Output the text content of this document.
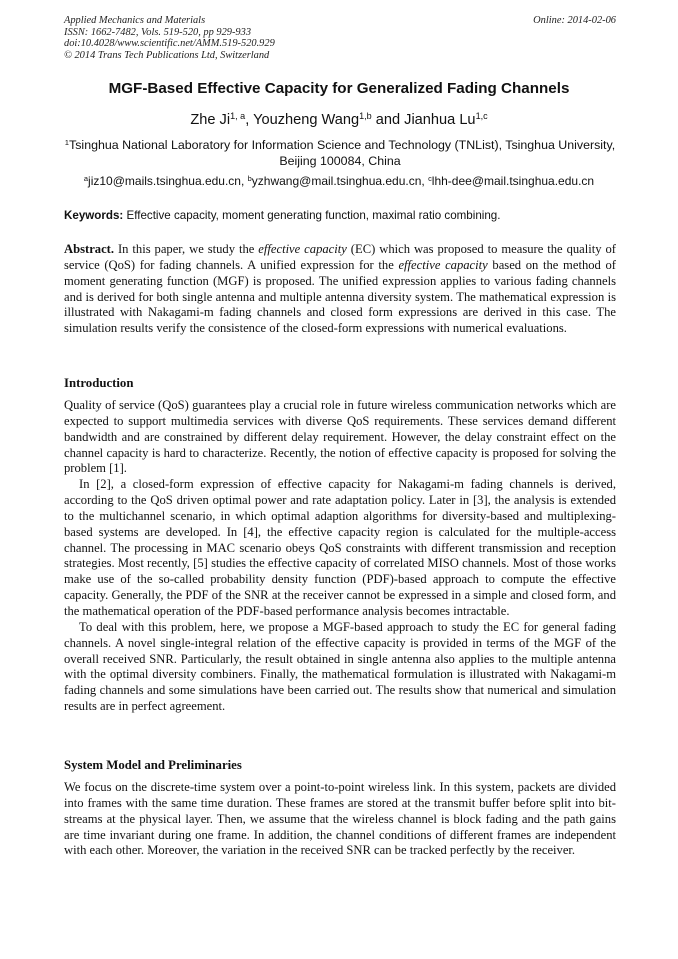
Applied Mechanics and Materials
ISSN: 1662-7482, Vols. 519-520, pp 929-933
doi:10.4028/www.scientific.net/AMM.519-520.929
© 2014 Trans Tech Publications Ltd, Switzerland
Online: 2014-02-06
MGF-Based Effective Capacity for Generalized Fading Channels
Zhe Ji$^{1, a}$, Youzheng Wang$^{1,b}$ and Jianhua Lu$^{1,c}$
$^1$Tsinghua National Laboratory for Information Science and Technology (TNList), Tsinghua University, Beijing 100084, China
$^a$jiz10@mails.tsinghua.edu.cn, $^b$yzhwang@mail.tsinghua.edu.cn, $^c$lhh-dee@mail.tsinghua.edu.cn
Keywords: Effective capacity, moment generating function, maximal ratio combining.
Abstract. In this paper, we study the effective capacity (EC) which was proposed to measure the quality of service (QoS) for fading channels. A unified expression for the effective capacity based on the method of moment generating function (MGF) is proposed. The unified expression applies to various fading channels and is derived for both single antenna and multiple antenna diversity system. The mathematical expression is illustrated with Nakagami-m fading channels and closed form expressions are derived in this case. The simulation results verify the consistence of the closed-form expressions with numerical evaluations.
Introduction

Quality of service (QoS) guarantees play a crucial role in future wireless communication networks which are expected to support multimedia services with diverse QoS requirements. These services demand different bandwidth and are constrained by different delay requirement. However, the delay constraint effect on the channel capacity is hard to characterize. Recently, the notion of effective capacity is proposed for solving the problem [1].

In [2], a closed-form expression of effective capacity for Nakagami-m fading channels is derived, according to the QoS driven optimal power and rate adaptation policy. Later in [3], the analysis is extended to the multichannel scenario, in which optimal adaption algorithms for diversity-based and multiplexing-based systems are developed. In [4], the effective capacity region is calculated for the multiple-access channel. The processing in MAC scenario obeys QoS constraints with different transmission and reception strategies. Most recently, [5] studies the effective capacity of correlated MISO channels. Most of those works make use of the so-called probability density function (PDF)-based approach to compute the effective capacity. Generally, the PDF of the SNR at the receiver cannot be expressed in a simple and closed form, and the mathematical operation of the PDF-based performance analysis becomes intractable.

To deal with this problem, here, we propose a MGF-based approach to study the EC for general fading channels. A novel single-integral relation of the effective capacity is provided in terms of the MGF of the overall received SNR. Particularly, the result obtained in single antenna also applies to the multiple antenna with the optimal diversity combiners. Finally, the mathematical formulation is illustrated with Nakagami-m fading channels and some simulations have been carried out. The results show that numerical and simulation results are in perfect agreement.

System Model and Preliminaries

We focus on the discrete-time system over a point-to-point wireless link. In this system, packets are divided into frames with the same time duration. These frames are stored at the transmit buffer before split into bit-streams at the physical layer. Then, we assume that the wireless channel is block fading and the path gains are time invariant during one frame. In addition, the channel conditions of different frames are independent with each other. Moreover, the variation in the received SNR can be tracked perfectly by the receiver.
